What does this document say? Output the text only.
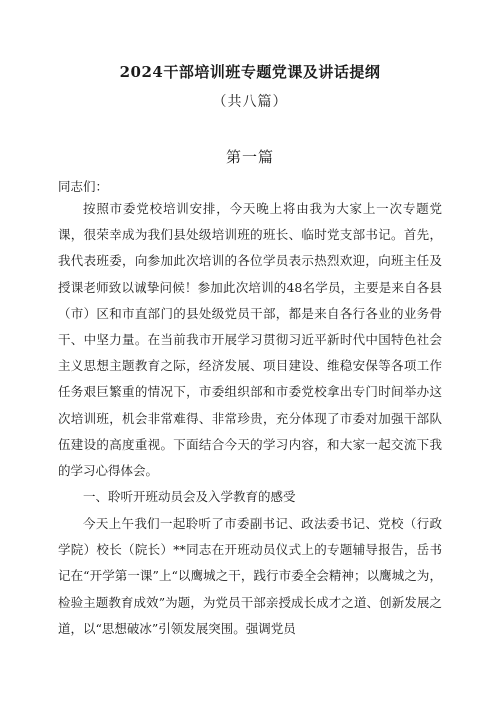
2024干部培训班专题党课及讲话提纲
（共八篇）
第一篇
同志们：

按照市委党校培训安排，今天晚上将由我为大家上一次专题党课，很荣幸成为我们县处级培训班的班长、临时党支部书记。首先，我代表班委，向参加此次培训的各位学员表示热烈欢迎，向班主任及授课老师致以诚挚问候！参加此次培训的48名学员，主要是来自各县（市）区和市直部门的县处级党员干部，都是来自各行各业的业务骨干、中坚力量。在当前我市开展学习贯彻习近平新时代中国特色社会主义思想主题教育之际，经济发展、项目建设、维稳安保等各项工作任务艰巨繁重的情况下，市委组织部和市委党校拿出专门时间举办这次培训班，机会非常难得、非常珍贵，充分体现了市委对加强干部队伍建设的高度重视。下面结合今天的学习内容，和大家一起交流下我的学习心得体会。

一、聆听开班动员会及入学教育的感受

今天上午我们一起聆听了市委副书记、政法委书记、党校（行政学院）校长（院长）**同志在开班动员仪式上的专题辅导报告，岳书记在“开学第一课”上“以鹰城之干，践行市委全会精神；以鹰城之为，检验主题教育成效”为题，为党员干部亲授成长成才之道、创新发展之道，以“思想破冰”引领发展突围。强调党员
